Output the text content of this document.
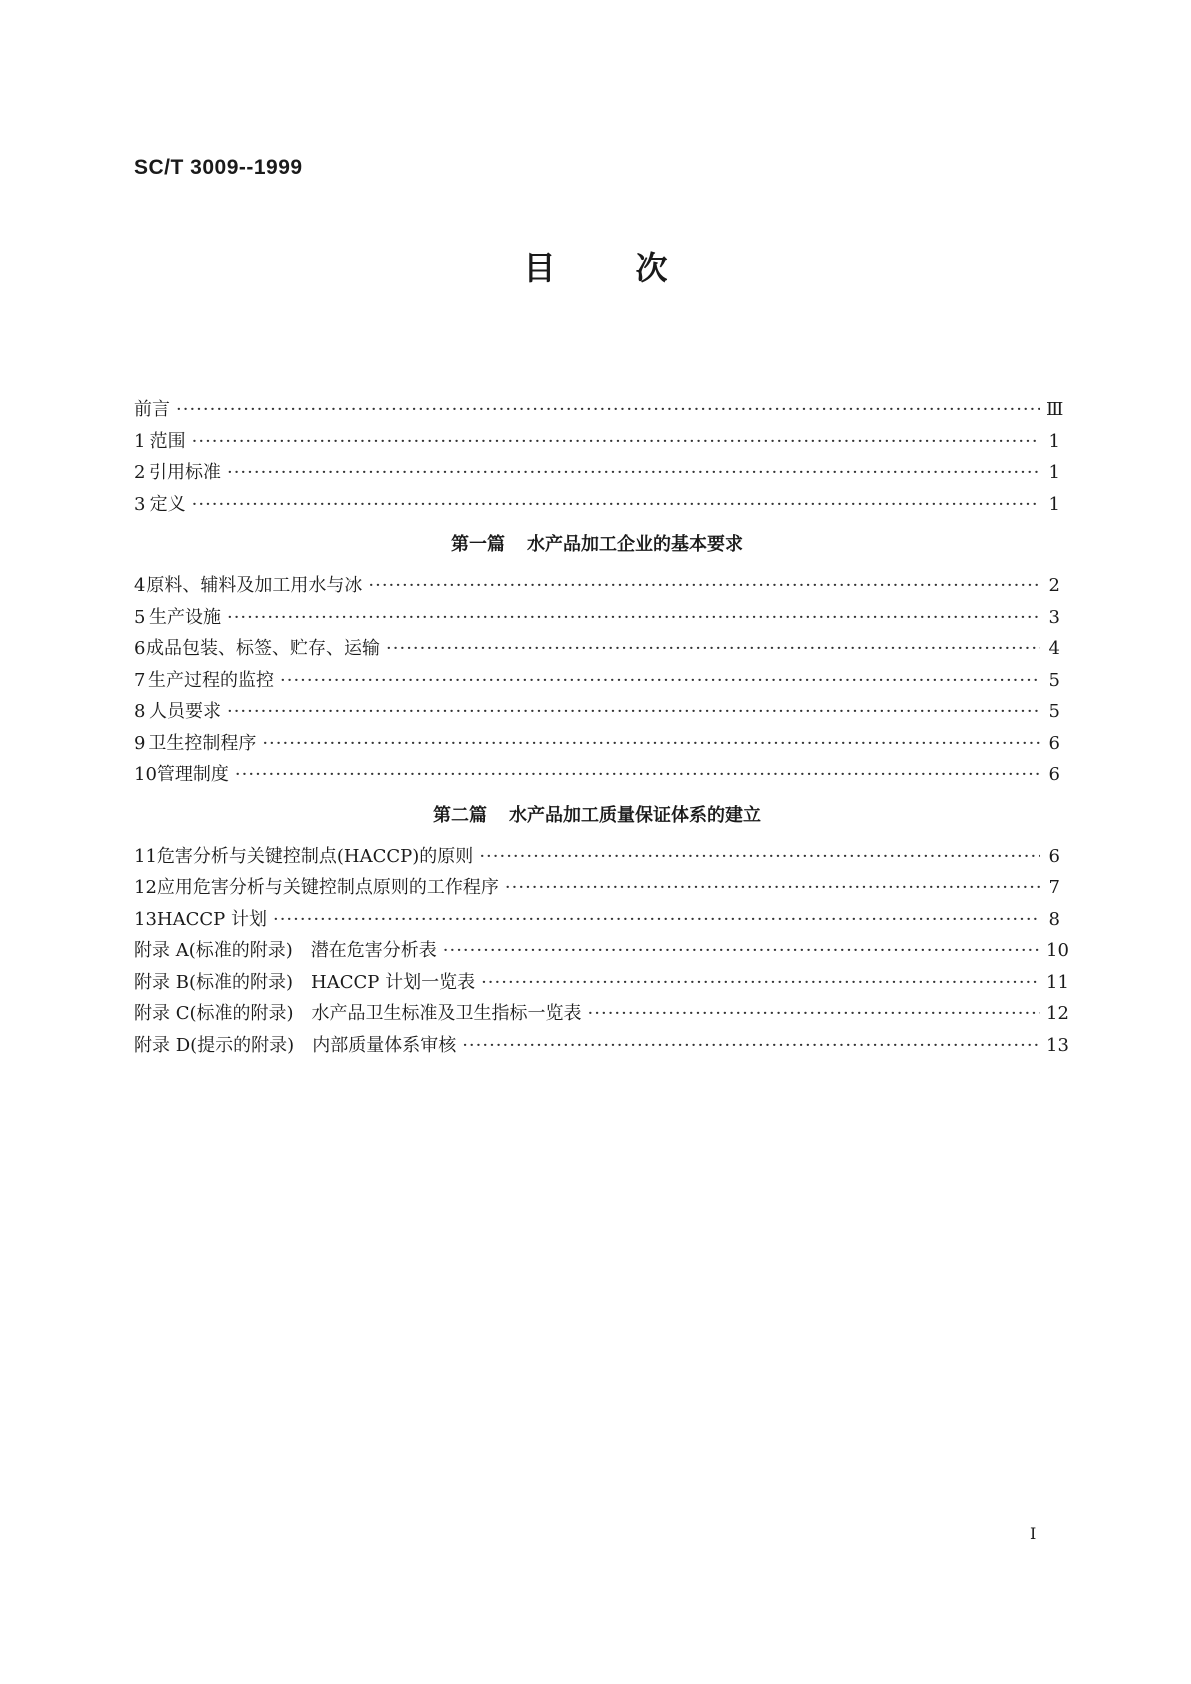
SC/T 3009--1999
目次
前言 ·····	Ⅲ
1 范围 ·····	1
2 引用标准 ·····	1
3 定义 ·····	1
第一篇 水产品加工企业的基本要求
4 原料、辅料及加工用水与冰 ·····	2
5 生产设施 ·····	3
6 成品包装、标签、贮存、运输 ·····	4
7 生产过程的监控 ·····	5
8 人员要求 ·····	5
9 卫生控制程序 ·····	6
10 管理制度 ·····	6
第二篇 水产品加工质量保证体系的建立
11 危害分析与关键控制点(HACCP)的原则 ·····	6
12 应用危害分析与关键控制点原则的工作程序 ·····	7
13 HACCP 计划 ·····	8
附录 A(标准的附录)　潜在危害分析表 ·····	10
附录 B(标准的附录)　HACCP 计划一览表 ·····	11
附录 C(标准的附录)　水产品卫生标准及卫生指标一览表 ·····	12
附录 D(提示的附录)　内部质量体系审核 ·····	13
I
